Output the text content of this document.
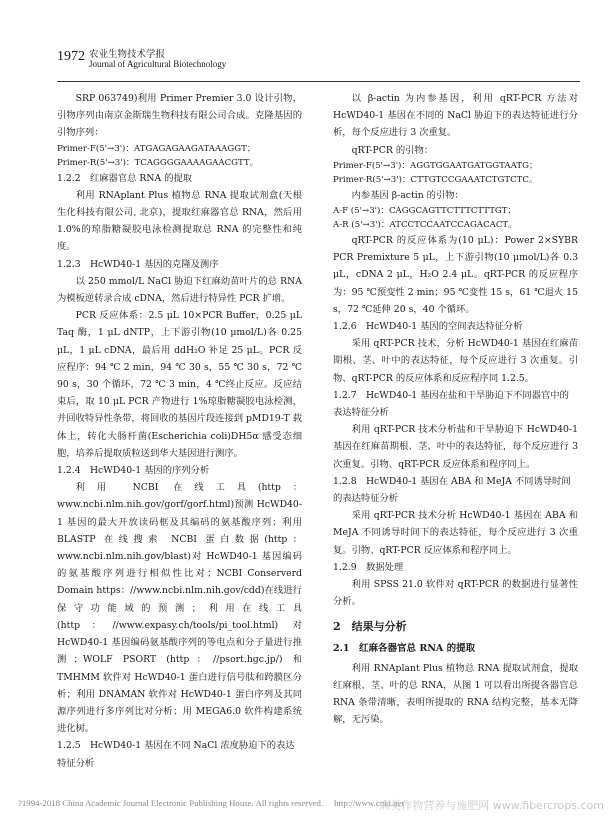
1972 农业生物技术学报
Journal of Agricultural Biotechnology

SRP 063749)利用 Primer Premier 3.0 设计引物，引物序列由南京金斯瑞生物科技有限公司合成。克隆基因的引物序列：

Primer-F(5'→3')：ATGAGAGAAGATAAAGGT；

Primer-R(5'→3')：TCAGGGGAAAAGAACGTT。

1.2.2　红麻器官总 RNA 的提取

利用 RNAplant Plus 植物总 RNA 提取试剂盒(天根生化科技有限公司, 北京)，提取红麻器官总 RNA，然后用 1.0%的琼脂糖凝胶电泳检测提取总 RNA 的完整性和纯度。

1.2.3　HcWD40-1 基因的克隆及测序

以 250 mmol/L NaCl 胁迫下红麻幼苗叶片的总 RNA 为模板逆转录合成 cDNA，然后进行特异性 PCR 扩增。

PCR 反应体系：2.5 μL 10×PCR Buffer，0.25 μL Taq 酶，1 μL dNTP，上下游引物(10 μmol/L)各 0.25 μL，1 μL cDNA，最后用 ddH₂O 补足 25 μL。PCR 反应程序：94 ℃ 2 min，94 ℃ 30 s，55 ℃ 30 s，72 ℃ 90 s，30 个循环，72 ℃ 3 min，4 ℃终止反应。反应结束后，取 10 μL PCR 产物进行 1%琼脂糖凝胶电泳检测，并回收特异性条带，将回收的基因片段连接到 pMD19-T 载体上，转化大肠杆菌(Escherichia coli)DH5α 感受态细胞，培养后提取质粒送到华大基因进行测序。

1.2.4　HcWD40-1 基因的序列分析

利用 NCBI 在线工具(http：www.ncbi.nlm.nih.gov/gorf/gorf.html)预测 HcWD40-1 基因的最大开放读码框及其编码的氨基酸序列；利用 BLASTP 在线搜索 NCBI 蛋白数据(http：www.ncbi.nlm.nih.gov/blast)对 HcWD40-1 基因编码的氨基酸序列进行相似性比对；NCBI Conserverd Domain https：//www.ncbi.nlm.nih.gov/cdd)在线进行保守功能域的预测；利用在线工具(http：//www.expasy.ch/tools/pi_tool.html) 对 HcWD40-1 基因编码氨基酸序列的等电点和分子量进行推测；WOLF PSORT (http：//psort.hgc.jp/) 和 TMHMM 软件对 HcWD40-1 蛋白进行信号肽和跨膜区分析；利用 DNAMAN 软件对 HcWD40-1 蛋白序列及其同源序列进行多序列比对分析；用 MEGA6.0 软件构建系统进化树。

1.2.5　HcWD40-1 基因在不同 NaCl 浓度胁迫下的表达特征分析

以 β-actin 为内参基因，利用 qRT-PCR 方法对 HcWD40-1 基因在不同的 NaCl 胁迫下的表达特征进行分析，每个反应进行 3 次重复。

qRT-PCR 的引物：

Primer-F(5'→3')：AGGTGGAATGATGGTAATG；

Primer-R(5'→3')：CTTGTCCGAAATCTGTCTC。

内参基因 β-actin 的引物：

A-F (5'→3')：CAGGCAGTTCTTTCTTTGT；

A-R (5'→3')：ATCCTCCAATCCAGACACT。

qRT-PCR 的反应体系为(10 μL)：Power 2×SYBR PCR Premixture 5 μL，上下游引物(10 μmol/L)各 0.3 μL，cDNA 2 μL，H₂O 2.4 μL。qRT-PCR 的反应程序为：95 ℃预变性 2 min；95 ℃变性 15 s，61 ℃退火 15 s，72 ℃延伸 20 s，40 个循环。

1.2.6　HcWD40-1 基因的空间表达特征分析

采用 qRT-PCR 技术，分析 HcWD40-1 基因在红麻苗期根、茎、叶中的表达特征，每个反应进行 3 次重复。引物、qRT-PCR 的反应体系和反应程序同 1.2.5。

1.2.7　HcWD40-1 基因在盐和干旱胁迫下不同器官中的表达特征分析

利用 qRT-PCR 技术分析盐和干旱胁迫下 HcWD40-1 基因在红麻苗期根、茎、叶中的表达特征，每个反应进行 3 次重复。引物、qRT-PCR 反应体系和程序同上。

1.2.8　HcWD40-1 基因在 ABA 和 MeJA 不同诱导时间的表达特征分析

采用 qRT-PCR 技术分析 HcWD40-1 基因在 ABA 和 MeJA 不同诱导时间下的表达特征，每个反应进行 3 次重复。引物、qRT-PCR 反应体系和程序同上。

1.2.9　数据处理

利用 SPSS 21.0 软件对 qRT-PCR 的数据进行显著性分析。

2　结果与分析

2.1　红麻各器官总 RNA 的提取

利用 RNAplant Plus 植物总 RNA 提取试剂盒，提取红麻根、茎、叶的总 RNA，从图 1 可以看出所提各器官总 RNA 条带清晰，表明所提取的 RNA 结构完整，基本无降解，无污染。

?1994-2018 China Academic Journal Electronic Publishing House. All rights reserved.　 http://www.cnki.net
麻类作物营养与施肥网 www.fibercrops.com
